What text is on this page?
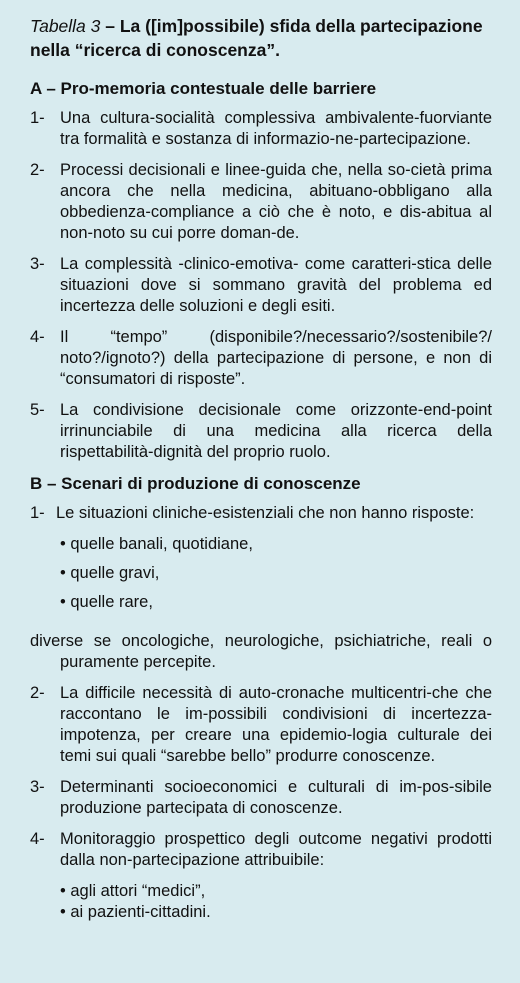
Tabella 3 – La ([im]possibile) sfida della partecipazione nella “ricerca di conoscenza”.

A – Pro-memoria contestuale delle barriere
1- Una cultura-socialità complessiva ambivalente-fuorviante tra formalità e sostanza di informazio-ne-partecipazione.
2- Processi decisionali e linee-guida che, nella so-cietà prima ancora che nella medicina, abituano-obbligano alla obbedienza-compliance a ciò che è noto, e dis-abitua al non-noto su cui porre doman-de.
3- La complessità -clinico-emotiva- come caratteri-stica delle situazioni dove si sommano gravità del problema ed incertezza delle soluzioni e degli esiti.
4- Il “tempo” (disponibile?/necessario?/sostenibile?/ noto?/ignoto?) della partecipazione di persone, e non di “consumatori di risposte”.
5- La condivisione decisionale come orizzonte-end-point irrinunciabile di una medicina alla ricerca della rispettabilità-dignità del proprio ruolo.
B – Scenari di produzione di conoscenze
1- Le situazioni cliniche-esistenziali che non hanno risposte:
• quelle banali, quotidiane,
• quelle gravi,
• quelle rare,
diverse se oncologiche, neurologiche, psichiatriche, reali o puramente percepite.
2- La difficile necessità di auto-cronache multicentri-che che raccontano le im-possibili condivisioni di incertezza-impotenza, per creare una epidemio-logia culturale dei temi sui quali “sarebbe bello” produrre conoscenze.
3- Determinanti socioeconomici e culturali di im-pos-sibile produzione partecipata di conoscenze.
4- Monitoraggio prospettico degli outcome negativi prodotti dalla non-partecipazione attribuibile:
• agli attori “medici”,
• ai pazienti-cittadini.
